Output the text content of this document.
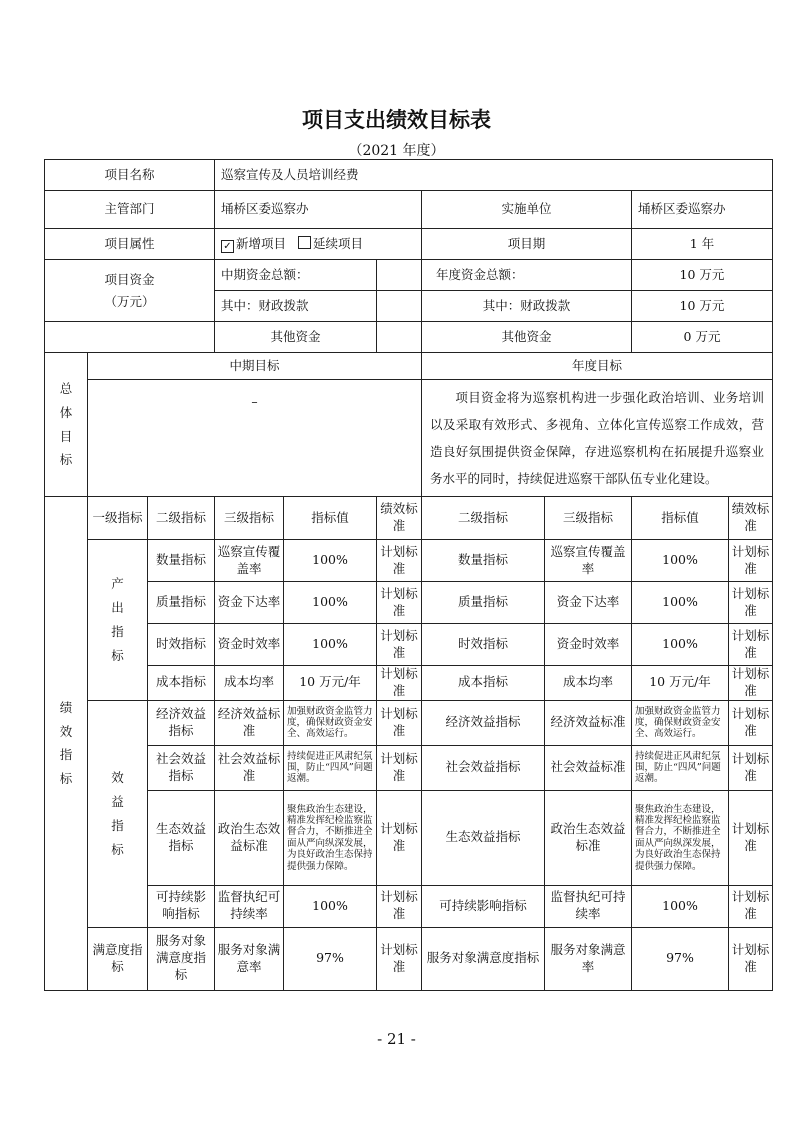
项目支出绩效目标表
（2021 年度）
项目名称			巡察宣传及人员培训经费						
主管部门			埇桥区委巡察办			实施单位		埇桥区委巡察办	
项目属性			✓ 新增项目 延续项目			项目期		1 年	
项目资金（万元）			中期资金总额：			年度资金总额：		10 万元	
			其中：财政拨款			其中：财政拨款		10 万元	
			其他资金			其他资金		0 万元	
总体目标	中期目标					年度目标			
	–					项目资金将为巡察机构进一步强化政治培训、业务培训以及采取有效形式、多视角、立体化宣传巡察工作成效，营造良好氛围提供资金保障，存进巡察机构在拓展提升巡察业务水平的同时，持续促进巡察干部队伍专业化建设。			
绩效指标	一级指标	二级指标	三级指标	指标值	绩效标准	二级指标	三级指标	指标值	绩效标准
	产出指标	数量指标	巡察宣传覆盖率	100%	计划标准	数量指标	巡察宣传覆盖率	100%	计划标准
		质量指标	资金下达率	100%	计划标准	质量指标	资金下达率	100%	计划标准
		时效指标	资金时效率	100%	计划标准	时效指标	资金时效率	100%	计划标准
		成本指标	成本均率	10 万元/年	计划标准	成本指标	成本均率	10 万元/年	计划标准
	效益指标	经济效益指标	经济效益标准	加强财政资金监管力度，确保财政资金安全、高效运行。	计划标准	经济效益指标	经济效益标准	加强财政资金监管力度，确保财政资金安全、高效运行。	计划标准
		社会效益指标	社会效益标准	持续促进正风肃纪氛围，防止“四风”问题返潮。	计划标准	社会效益指标	社会效益标准	持续促进正风肃纪氛围，防止“四风”问题返潮。	计划标准
		生态效益指标	政治生态效益标准	聚焦政治生态建设，精准发挥纪检监察监督合力，不断推进全面从严向纵深发展，为良好政治生态保持提供强力保障。	计划标准	生态效益指标	政治生态效益标准	聚焦政治生态建设，精准发挥纪检监察监督合力，不断推进全面从严向纵深发展，为良好政治生态保持提供强力保障。	计划标准
		可持续影响指标	监督执纪可持续率	100%	计划标准	可持续影响指标	监督执纪可持续率	100%	计划标准
	满意度指标	服务对象满意度指标	服务对象满意率	97%	计划标准	服务对象满意度指标	服务对象满意率	97%	计划标准
- 21 -
